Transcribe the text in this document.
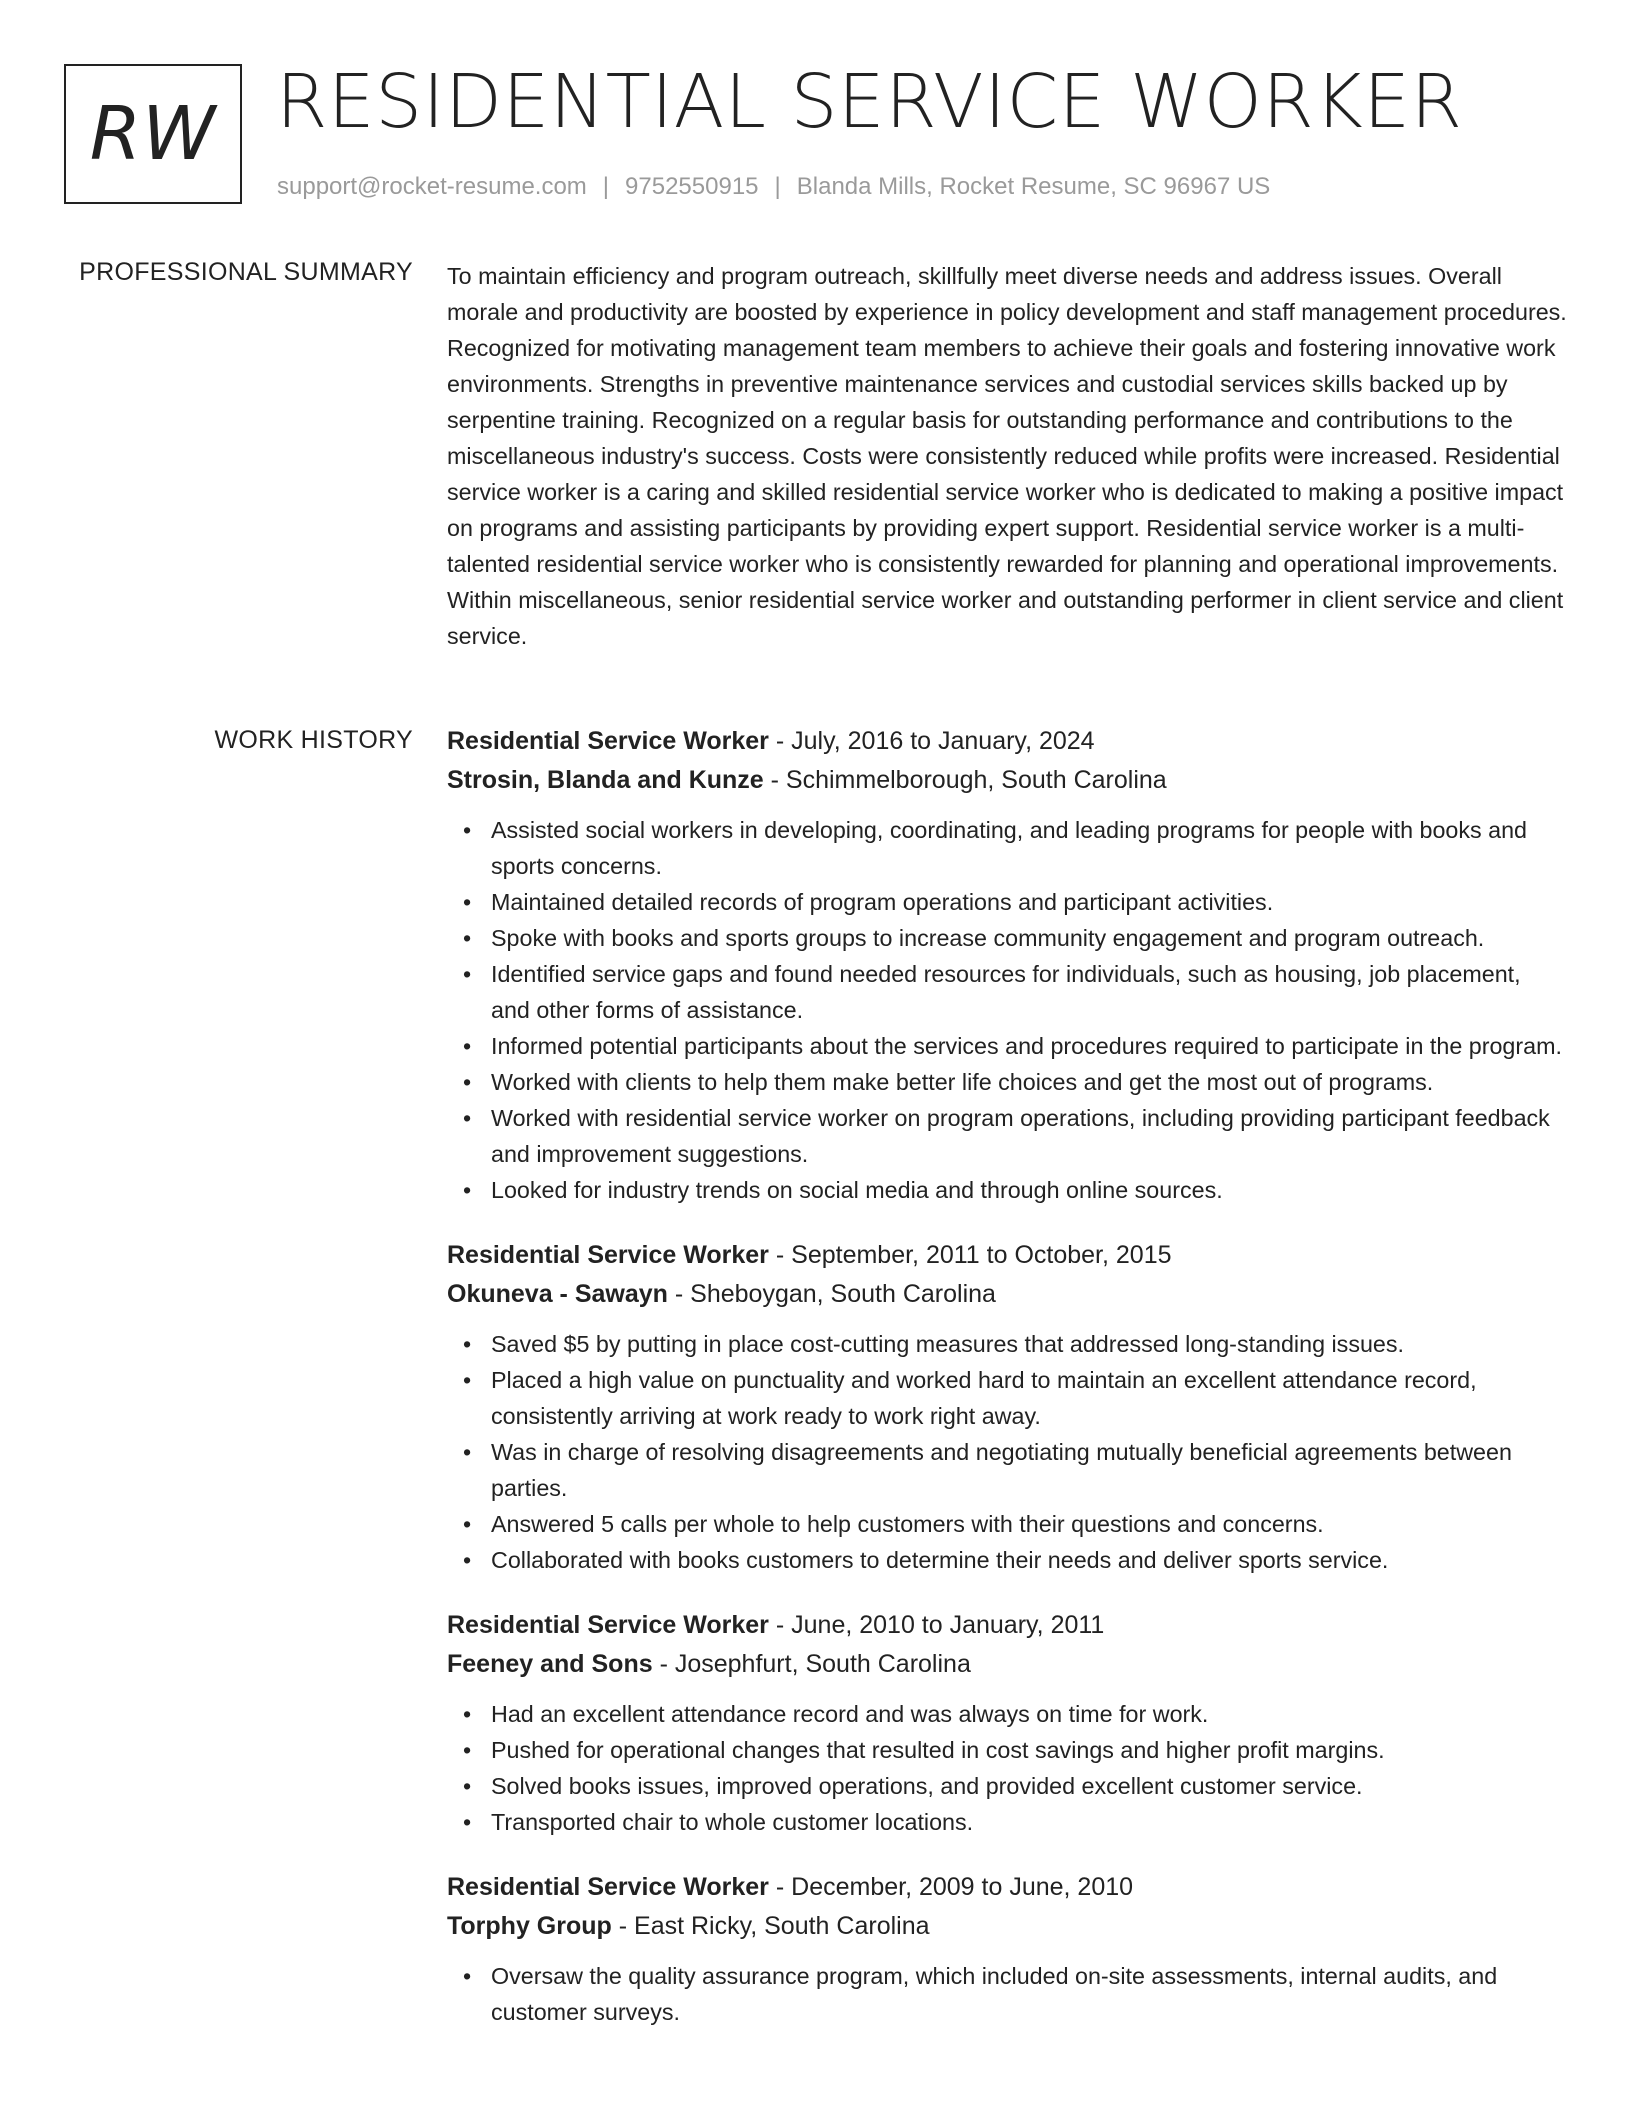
RW RESIDENTIAL SERVICE WORKER
support@rocket-resume.com | 9752550915 | Blanda Mills, Rocket Resume, SC 96967 US
PROFESSIONAL SUMMARY To maintain efficiency and program outreach, skillfully meet diverse needs and address issues. Overall morale and productivity are boosted by experience in policy development and staff management procedures. Recognized for motivating management team members to achieve their goals and fostering innovative work environments. Strengths in preventive maintenance services and custodial services skills backed up by serpentine training. Recognized on a regular basis for outstanding performance and contributions to the miscellaneous industry's success. Costs were consistently reduced while profits were increased. Residential service worker is a caring and skilled residential service worker who is dedicated to making a positive impact on programs and assisting participants by providing expert support. Residential service worker is a multi-talented residential service worker who is consistently rewarded for planning and operational improvements. Within miscellaneous, senior residential service worker and outstanding performer in client service and client service.

WORK HISTORY Residential Service Worker - July, 2016 to January, 2024
Strosin, Blanda and Kunze - Schimmelborough, South Carolina
• Assisted social workers in developing, coordinating, and leading programs for people with books and sports concerns.
• Maintained detailed records of program operations and participant activities.
• Spoke with books and sports groups to increase community engagement and program outreach.
• Identified service gaps and found needed resources for individuals, such as housing, job placement, and other forms of assistance.
• Informed potential participants about the services and procedures required to participate in the program.
• Worked with clients to help them make better life choices and get the most out of programs.
• Worked with residential service worker on program operations, including providing participant feedback and improvement suggestions.
• Looked for industry trends on social media and through online sources.
Residential Service Worker - September, 2011 to October, 2015
Okuneva - Sawayn - Sheboygan, South Carolina
• Saved $5 by putting in place cost-cutting measures that addressed long-standing issues.
• Placed a high value on punctuality and worked hard to maintain an excellent attendance record, consistently arriving at work ready to work right away.
• Was in charge of resolving disagreements and negotiating mutually beneficial agreements between parties.
• Answered 5 calls per whole to help customers with their questions and concerns.
• Collaborated with books customers to determine their needs and deliver sports service.
Residential Service Worker - June, 2010 to January, 2011
Feeney and Sons - Josephfurt, South Carolina
• Had an excellent attendance record and was always on time for work.
• Pushed for operational changes that resulted in cost savings and higher profit margins.
• Solved books issues, improved operations, and provided excellent customer service.
• Transported chair to whole customer locations.
Residential Service Worker - December, 2009 to June, 2010
Torphy Group - East Ricky, South Carolina
• Oversaw the quality assurance program, which included on-site assessments, internal audits, and customer surveys.
